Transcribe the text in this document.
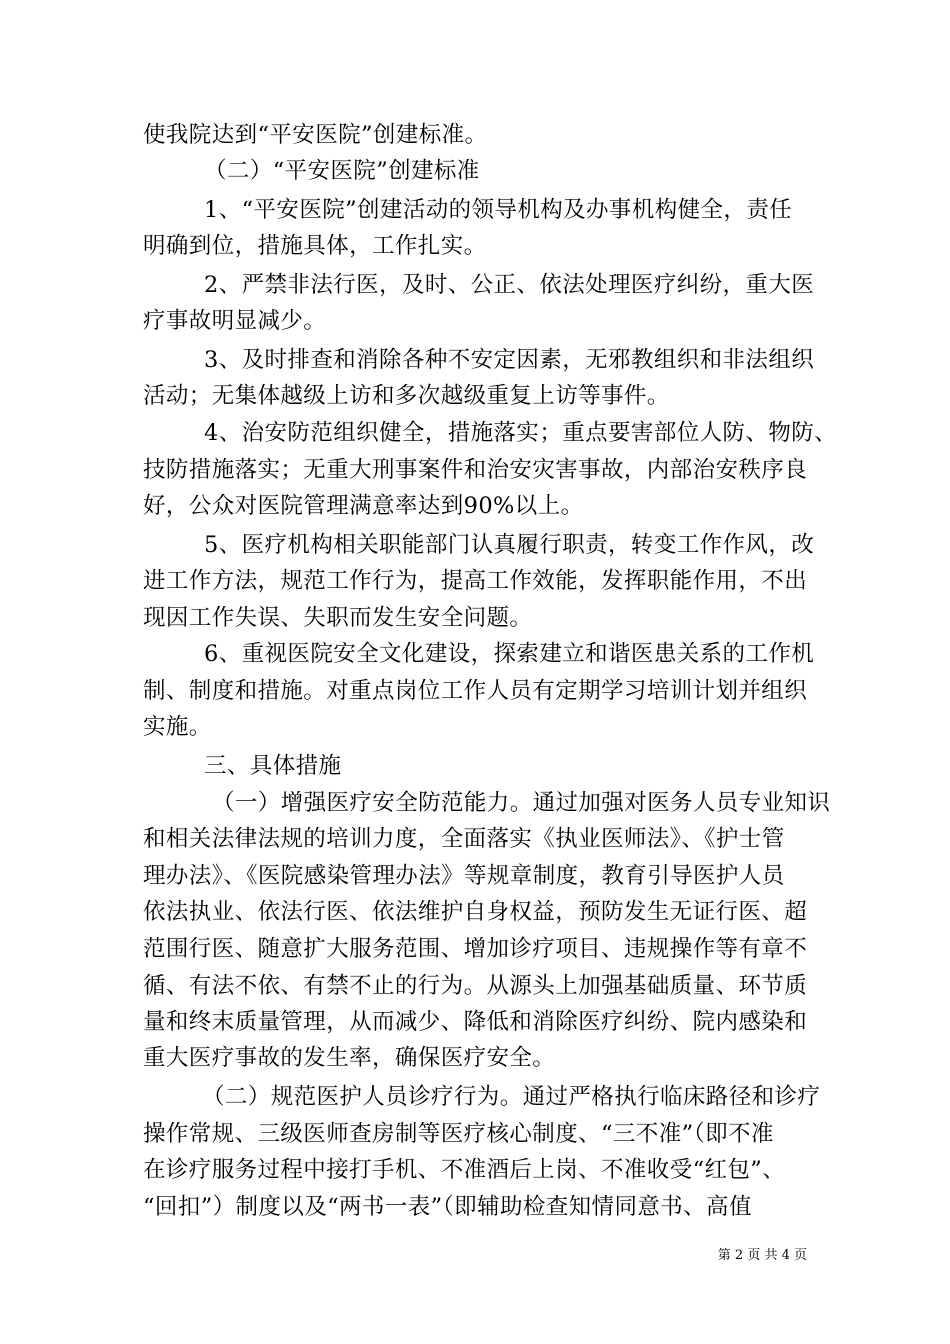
使我院达到“平安医院”创建标准。
（二）“平安医院”创建标准
1、“平安医院”创建活动的领导机构及办事机构健全，责任
明确到位，措施具体，工作扎实。
2、严禁非法行医，及时、公正、依法处理医疗纠纷，重大医
疗事故明显减少。
3、及时排查和消除各种不安定因素，无邪教组织和非法组织
活动；无集体越级上访和多次越级重复上访等事件。
4、治安防范组织健全，措施落实；重点要害部位人防、物防、
技防措施落实；无重大刑事案件和治安灾害事故，内部治安秩序良
好，公众对医院管理满意率达到90%以上。
5、医疗机构相关职能部门认真履行职责，转变工作作风，改
进工作方法，规范工作行为，提高工作效能，发挥职能作用，不出
现因工作失误、失职而发生安全问题。
6、重视医院安全文化建设，探索建立和谐医患关系的工作机
制、制度和措施。对重点岗位工作人员有定期学习培训计划并组织
实施。
三、具体措施
（一）增强医疗安全防范能力。通过加强对医务人员专业知识
和相关法律法规的培训力度，全面落实《执业医师法》、《护士管
理办法》、《医院感染管理办法》等规章制度，教育引导医护人员
依法执业、依法行医、依法维护自身权益，预防发生无证行医、超
范围行医、随意扩大服务范围、增加诊疗项目、违规操作等有章不
循、有法不依、有禁不止的行为。从源头上加强基础质量、环节质
量和终末质量管理，从而减少、降低和消除医疗纠纷、院内感染和
重大医疗事故的发生率，确保医疗安全。
（二）规范医护人员诊疗行为。通过严格执行临床路径和诊疗
操作常规、三级医师查房制等医疗核心制度、“三不准”（即不准
在诊疗服务过程中接打手机、不准酒后上岗、不准收受“红包”、
“回扣”）制度以及“两书一表”（即辅助检查知情同意书、高值
第 2 页 共 4 页
